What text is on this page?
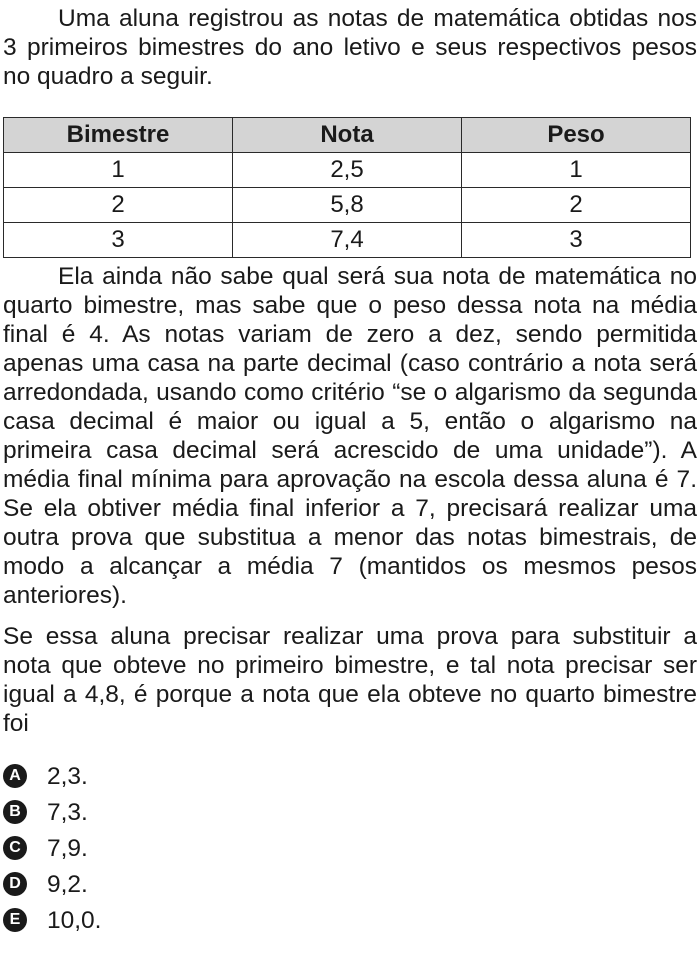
Uma aluna registrou as notas de matemática obtidas nos 3 primeiros bimestres do ano letivo e seus respectivos pesos no quadro a seguir.

Bimestre	Nota	Peso
1	2,5	1
2	5,8	2
3	7,4	3

Ela ainda não sabe qual será sua nota de matemática no quarto bimestre, mas sabe que o peso dessa nota na média final é 4. As notas variam de zero a dez, sendo permitida apenas uma casa na parte decimal (caso contrário a nota será arredondada, usando como critério “se o algarismo da segunda casa decimal é maior ou igual a 5, então o algarismo na primeira casa decimal será acrescido de uma unidade”). A média final mínima para aprovação na escola dessa aluna é 7. Se ela obtiver média final inferior a 7, precisará realizar uma outra prova que substitua a menor das notas bimestrais, de modo a alcançar a média 7 (mantidos os mesmos pesos anteriores).

Se essa aluna precisar realizar uma prova para substituir a nota que obteve no primeiro bimestre, e tal nota precisar ser igual a 4,8, é porque a nota que ela obteve no quarto bimestre foi

A 2,3.
B 7,3.
C 7,9.
D 9,2.
E 10,0.
